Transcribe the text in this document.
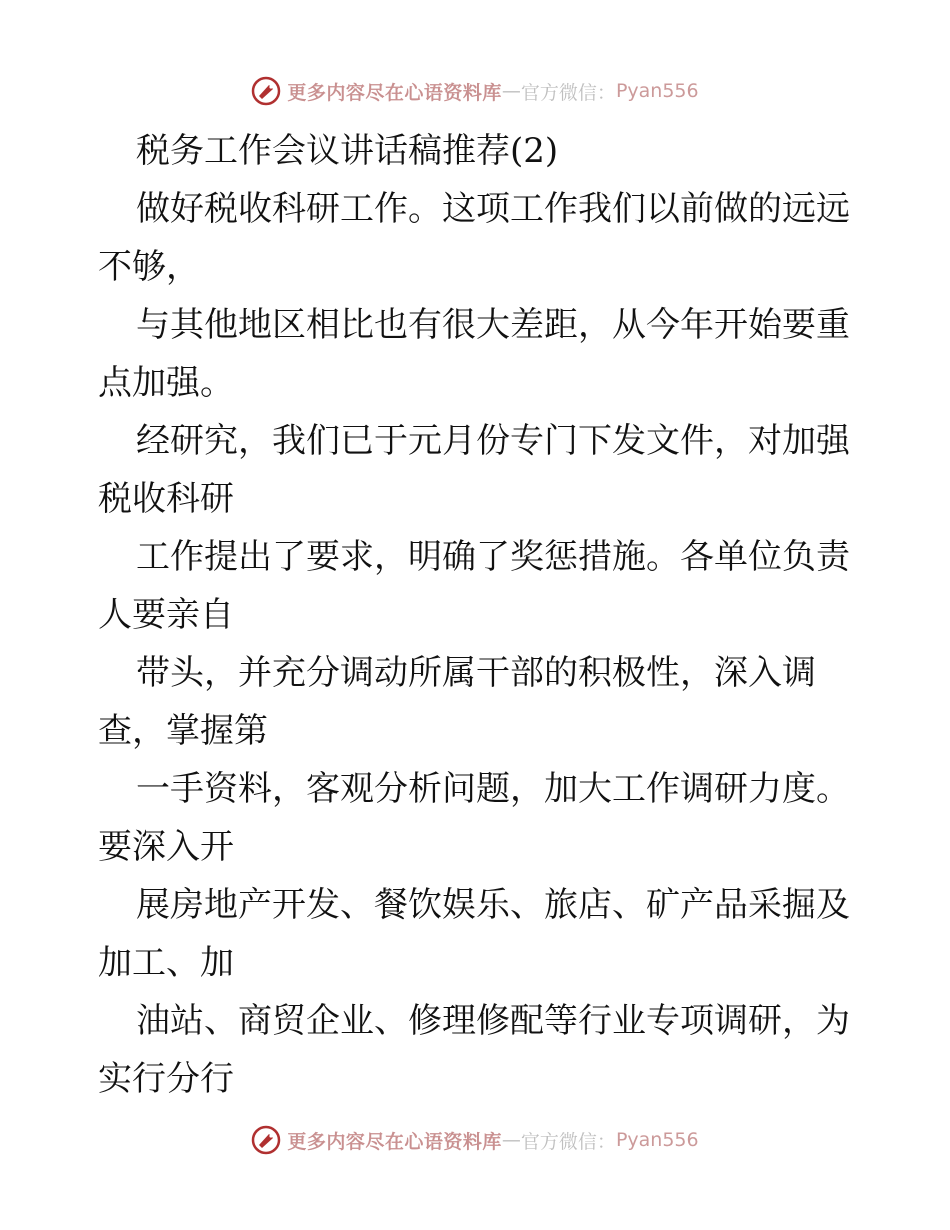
更多内容尽在心语资料库 — 官方微信： Pyan556
税务工作会议讲话稿推荐(2)
做好税收科研工作。这项工作我们以前做的远远
不够，
与其他地区相比也有很大差距，从今年开始要重
点加强。
经研究，我们已于元月份专门下发文件，对加强
税收科研
工作提出了要求，明确了奖惩措施。各单位负责
人要亲自
带头，并充分调动所属干部的积极性，深入调
查，掌握第
一手资料，客观分析问题，加大工作调研力度。
要深入开
展房地产开发、餐饮娱乐、旅店、矿产品采掘及
加工、加
油站、商贸企业、修理修配等行业专项调研，为
实行分行
更多内容尽在心语资料库 — 官方微信： Pyan556
